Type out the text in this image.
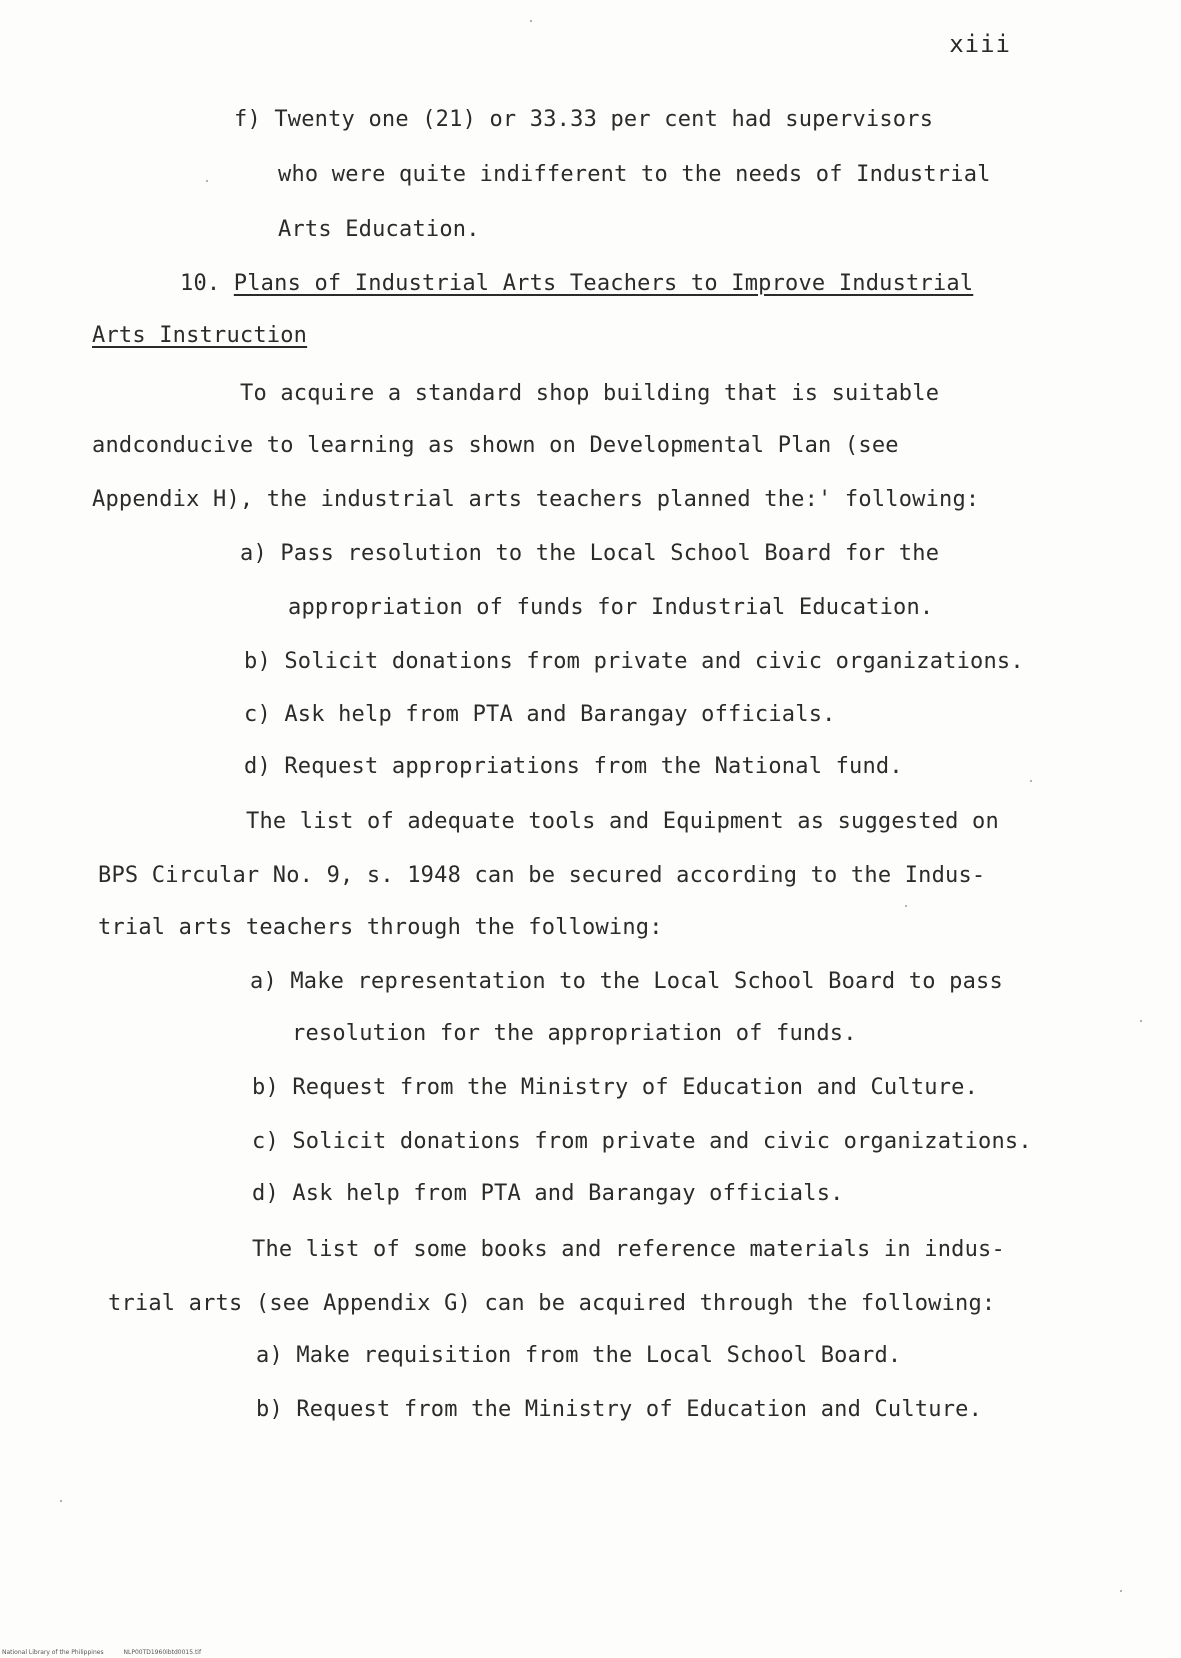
xiii
f) Twenty one (21) or 33.33 per cent had supervisors
who were quite indifferent to the needs of Industrial
Arts Education.
10. Plans of Industrial Arts Teachers to Improve Industrial
Arts Instruction
To acquire a standard shop building that is suitable
andconducive to learning as shown on Developmental Plan (see
Appendix H), the industrial arts teachers planned the:' following:
a) Pass resolution to the Local School Board for the
appropriation of funds for Industrial Education.
b) Solicit donations from private and civic organizations.
c) Ask help from PTA and Barangay officials.
d) Request appropriations from the National fund.
The list of adequate tools and Equipment as suggested on
BPS Circular No. 9, s. 1948 can be secured according to the Indus-
trial arts teachers through the following:
a) Make representation to the Local School Board to pass
resolution for the appropriation of funds.
b) Request from the Ministry of Education and Culture.
c) Solicit donations from private and civic organizations.
d) Ask help from PTA and Barangay officials.
The list of some books and reference materials in indus-
trial arts (see Appendix G) can be acquired through the following:
a) Make requisition from the Local School Board.
b) Request from the Ministry of Education and Culture.
National Library of the Philippines	NLP00TD1960ibtd0015.tif
